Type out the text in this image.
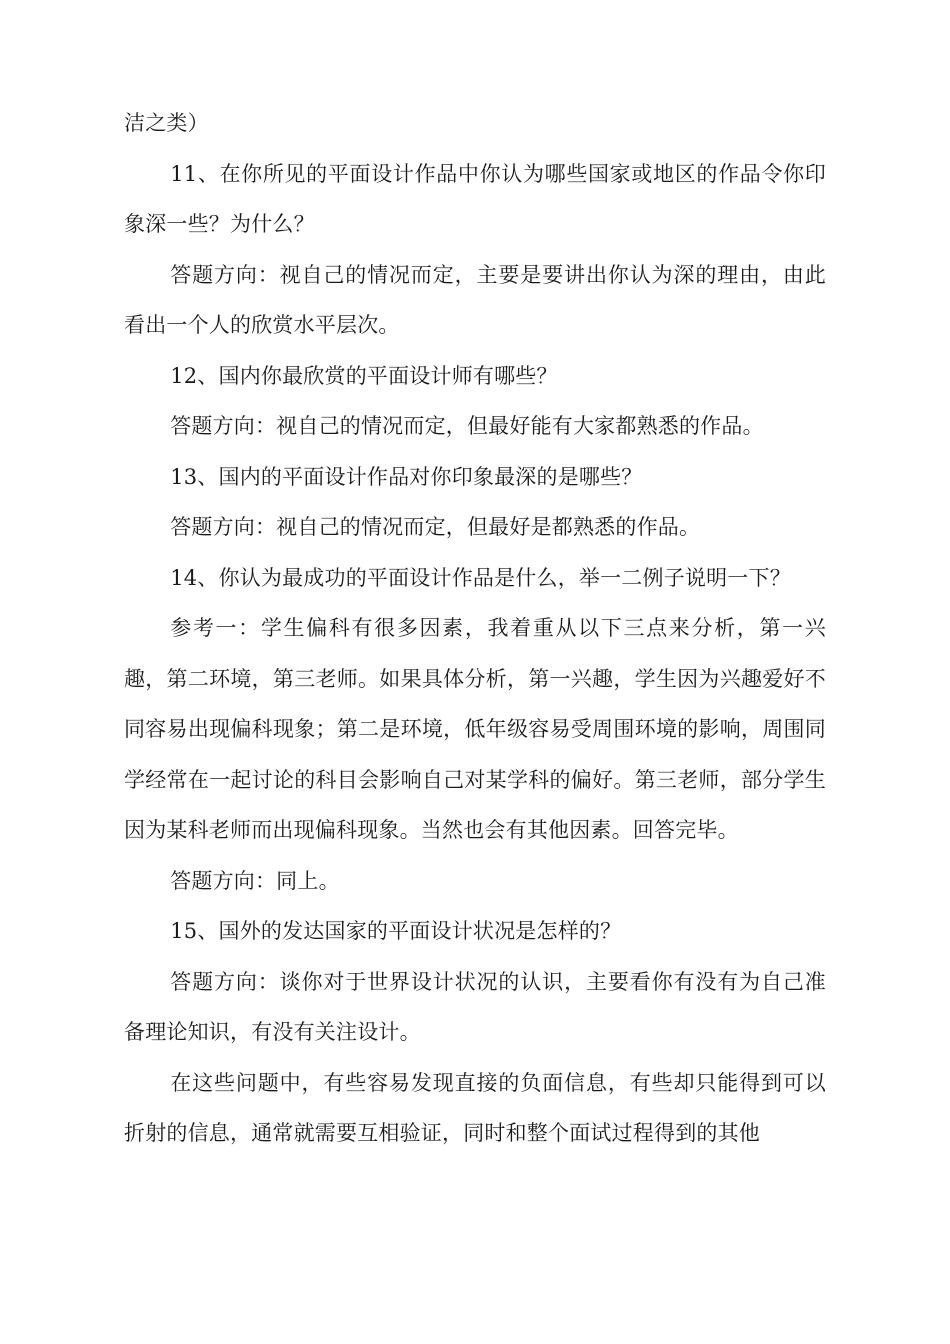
洁之类）

11、在你所见的平面设计作品中你认为哪些国家或地区的作品令你印象深一些？为什么？

答题方向：视自己的情况而定，主要是要讲出你认为深的理由，由此看出一个人的欣赏水平层次。

12、国内你最欣赏的平面设计师有哪些？

答题方向：视自己的情况而定，但最好能有大家都熟悉的作品。

13、国内的平面设计作品对你印象最深的是哪些？

答题方向：视自己的情况而定，但最好是都熟悉的作品。

14、你认为最成功的平面设计作品是什么，举一二例子说明一下？

参考一：学生偏科有很多因素，我着重从以下三点来分析，第一兴趣，第二环境，第三老师。如果具体分析，第一兴趣，学生因为兴趣爱好不同容易出现偏科现象；第二是环境，低年级容易受周围环境的影响，周围同学经常在一起讨论的科目会影响自己对某学科的偏好。第三老师，部分学生因为某科老师而出现偏科现象。当然也会有其他因素。回答完毕。

答题方向：同上。

15、国外的发达国家的平面设计状况是怎样的？

答题方向：谈你对于世界设计状况的认识，主要看你有没有为自己准备理论知识，有没有关注设计。

在这些问题中，有些容易发现直接的负面信息，有些却只能得到可以折射的信息，通常就需要互相验证，同时和整个面试过程得到的其他
